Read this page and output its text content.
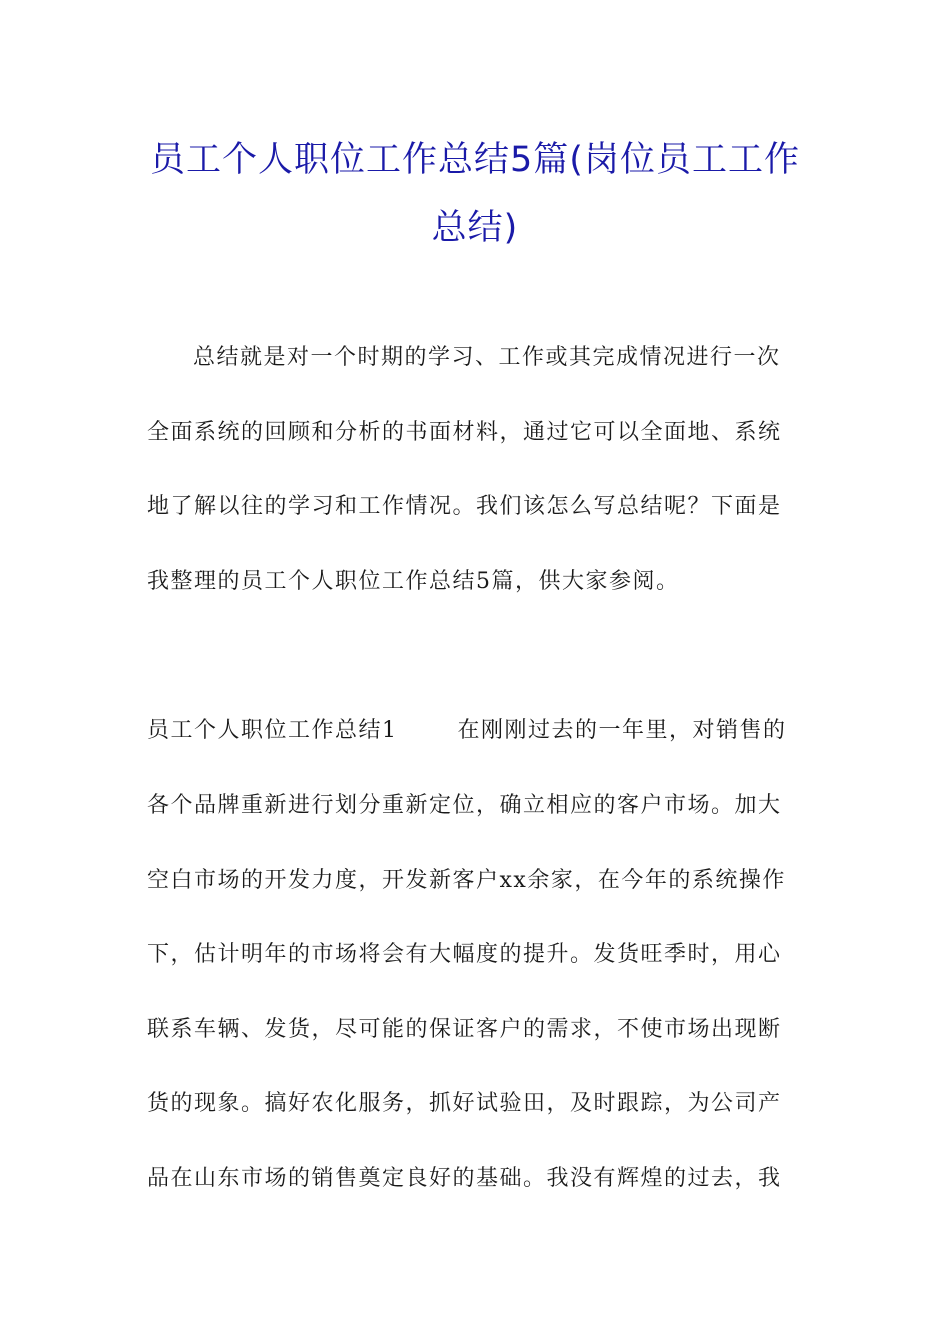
员工个人职位工作总结5篇(岗位员工工作
总结)
总结就是对一个时期的学习、工作或其完成情况进行一次
全面系统的回顾和分析的书面材料，通过它可以全面地、系统
地了解以往的学习和工作情况。我们该怎么写总结呢？下面是
我整理的员工个人职位工作总结5篇，供大家参阅。
员工个人职位工作总结1	在刚刚过去的一年里，对销售的
各个品牌重新进行划分重新定位，确立相应的客户市场。加大
空白市场的开发力度，开发新客户xx余家，在今年的系统操作
下，估计明年的市场将会有大幅度的提升。发货旺季时，用心
联系车辆、发货，尽可能的保证客户的需求，不使市场出现断
货的现象。搞好农化服务，抓好试验田，及时跟踪，为公司产
品在山东市场的销售奠定良好的基础。我没有辉煌的过去，我
